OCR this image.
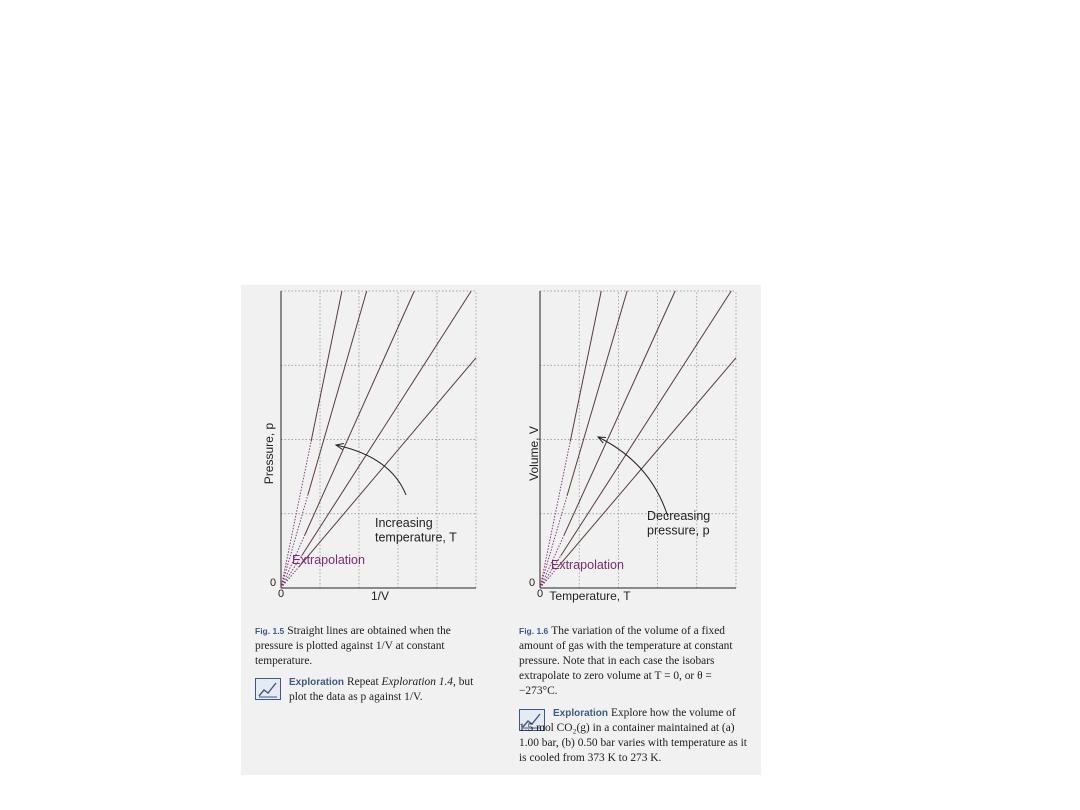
Increasing temperature, T
Extrapolation
Pressure, p
1/V
0
0
Decreasing pressure, p
Extrapolation
Volume, V
Temperature, T
0
0
Fig. 1.5 Straight lines are obtained when the pressure is plotted against 1/V at constant temperature.
Exploration Repeat Exploration 1.4, but plot the data as p against 1/V.
Fig. 1.6 The variation of the volume of a fixed amount of gas with the temperature at constant pressure. Note that in each case the isobars extrapolate to zero volume at T = 0, or θ = −273°C.
Exploration Explore how the volume of 1.5 mol CO₂(g) in a container maintained at (a) 1.00 bar, (b) 0.50 bar varies with temperature as it is cooled from 373 K to 273 K.
